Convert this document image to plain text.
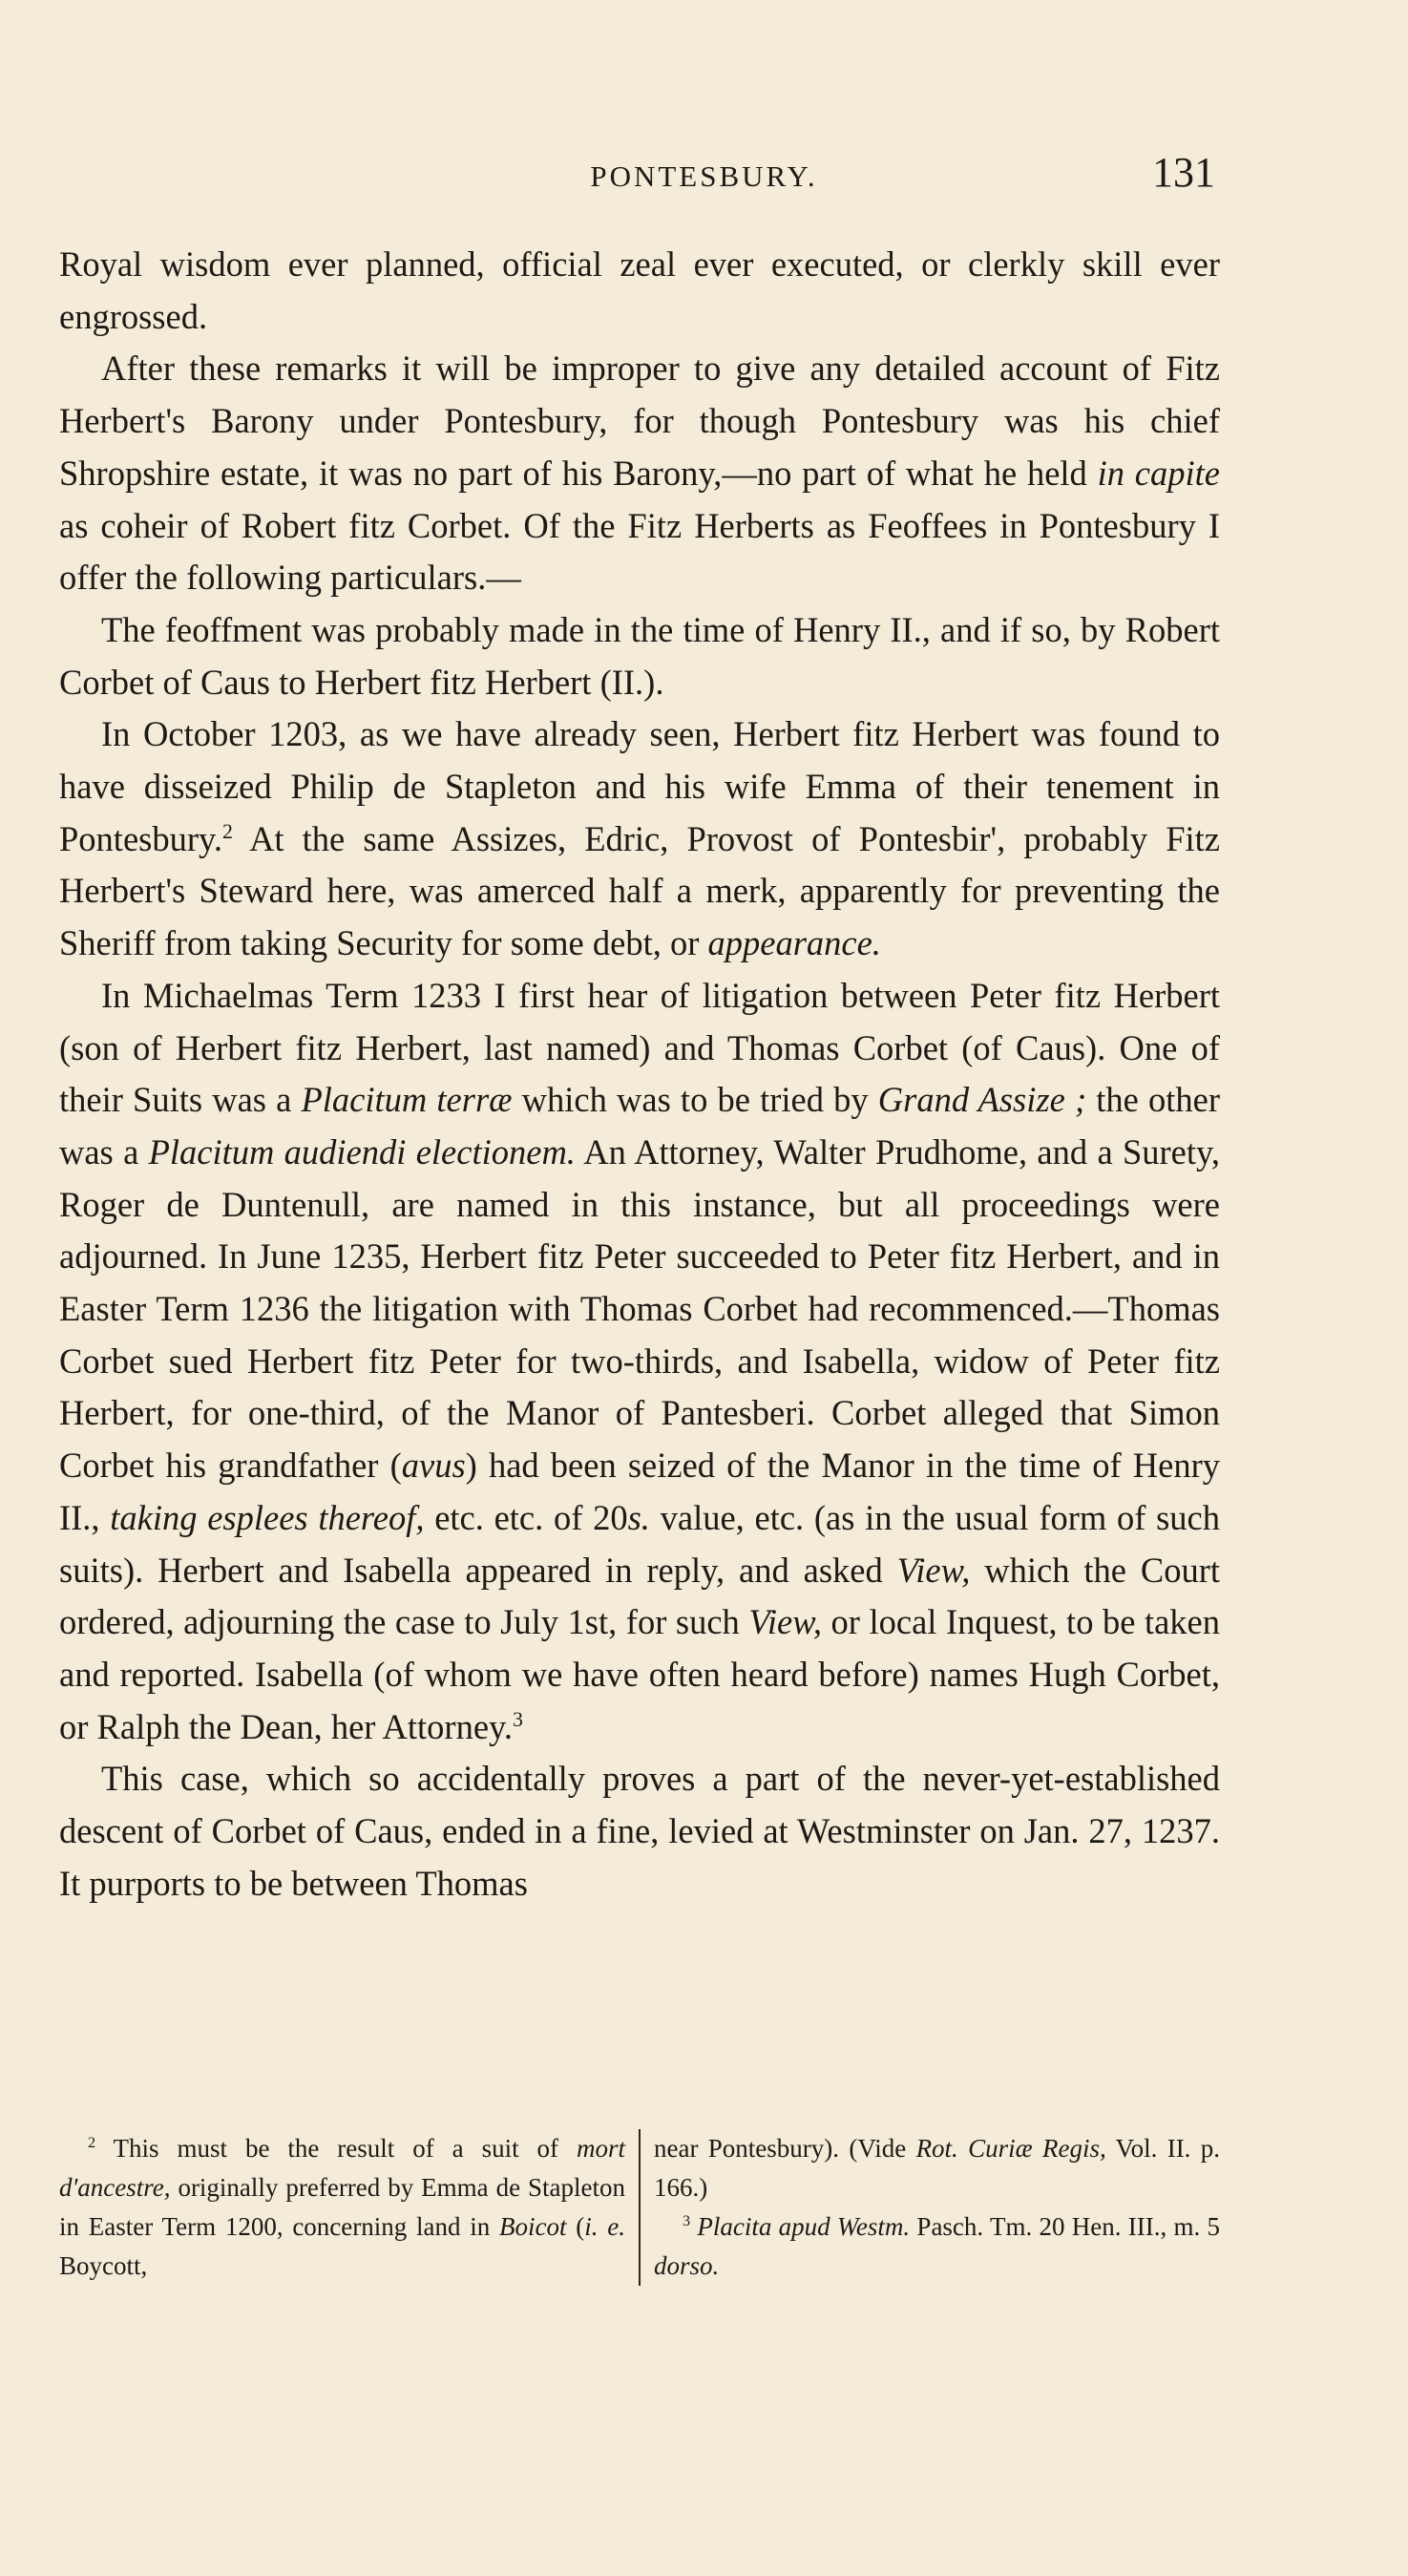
PONTESBURY.	131

Royal wisdom ever planned, official zeal ever executed, or clerkly skill ever engrossed.

After these remarks it will be improper to give any detailed account of Fitz Herbert's Barony under Pontesbury, for though Pontesbury was his chief Shropshire estate, it was no part of his Barony,—no part of what he held in capite as coheir of Robert fitz Corbet. Of the Fitz Herberts as Feoffees in Pontesbury I offer the following particulars.—

The feoffment was probably made in the time of Henry II., and if so, by Robert Corbet of Caus to Herbert fitz Herbert (II.).

In October 1203, as we have already seen, Herbert fitz Herbert was found to have disseized Philip de Stapleton and his wife Emma of their tenement in Pontesbury.$^2$ At the same Assizes, Edric, Provost of Pontesbir', probably Fitz Herbert's Steward here, was amerced half a merk, apparently for preventing the Sheriff from taking Security for some debt, or appearance.

In Michaelmas Term 1233 I first hear of litigation between Peter fitz Herbert (son of Herbert fitz Herbert, last named) and Thomas Corbet (of Caus). One of their Suits was a Placitum terræ which was to be tried by Grand Assize ; the other was a Placitum audiendi electionem. An Attorney, Walter Prudhome, and a Surety, Roger de Duntenull, are named in this instance, but all proceedings were adjourned. In June 1235, Herbert fitz Peter succeeded to Peter fitz Herbert, and in Easter Term 1236 the litigation with Thomas Corbet had recommenced.—Thomas Corbet sued Herbert fitz Peter for two-thirds, and Isabella, widow of Peter fitz Herbert, for one-third, of the Manor of Pantesberi. Corbet alleged that Simon Corbet his grandfather (avus) had been seized of the Manor in the time of Henry II., taking esplees thereof, etc. etc. of 20s. value, etc. (as in the usual form of such suits). Herbert and Isabella appeared in reply, and asked View, which the Court ordered, adjourning the case to July 1st, for such View, or local Inquest, to be taken and reported. Isabella (of whom we have often heard before) names Hugh Corbet, or Ralph the Dean, her Attorney.$^3$

This case, which so accidentally proves a part of the never-yet-established descent of Corbet of Caus, ended in a fine, levied at Westminster on Jan. 27, 1237. It purports to be between Thomas

$^2$ This must be the result of a suit of mort d'ancestre, originally preferred by Emma de Stapleton in Easter Term 1200, concerning land in Boicot (i. e. Boycott,

near Pontesbury). (Vide Rot. Curiæ Regis, Vol. II. p. 166.)

$^3$ Placita apud Westm. Pasch. Tm. 20 Hen. III., m. 5 dorso.
